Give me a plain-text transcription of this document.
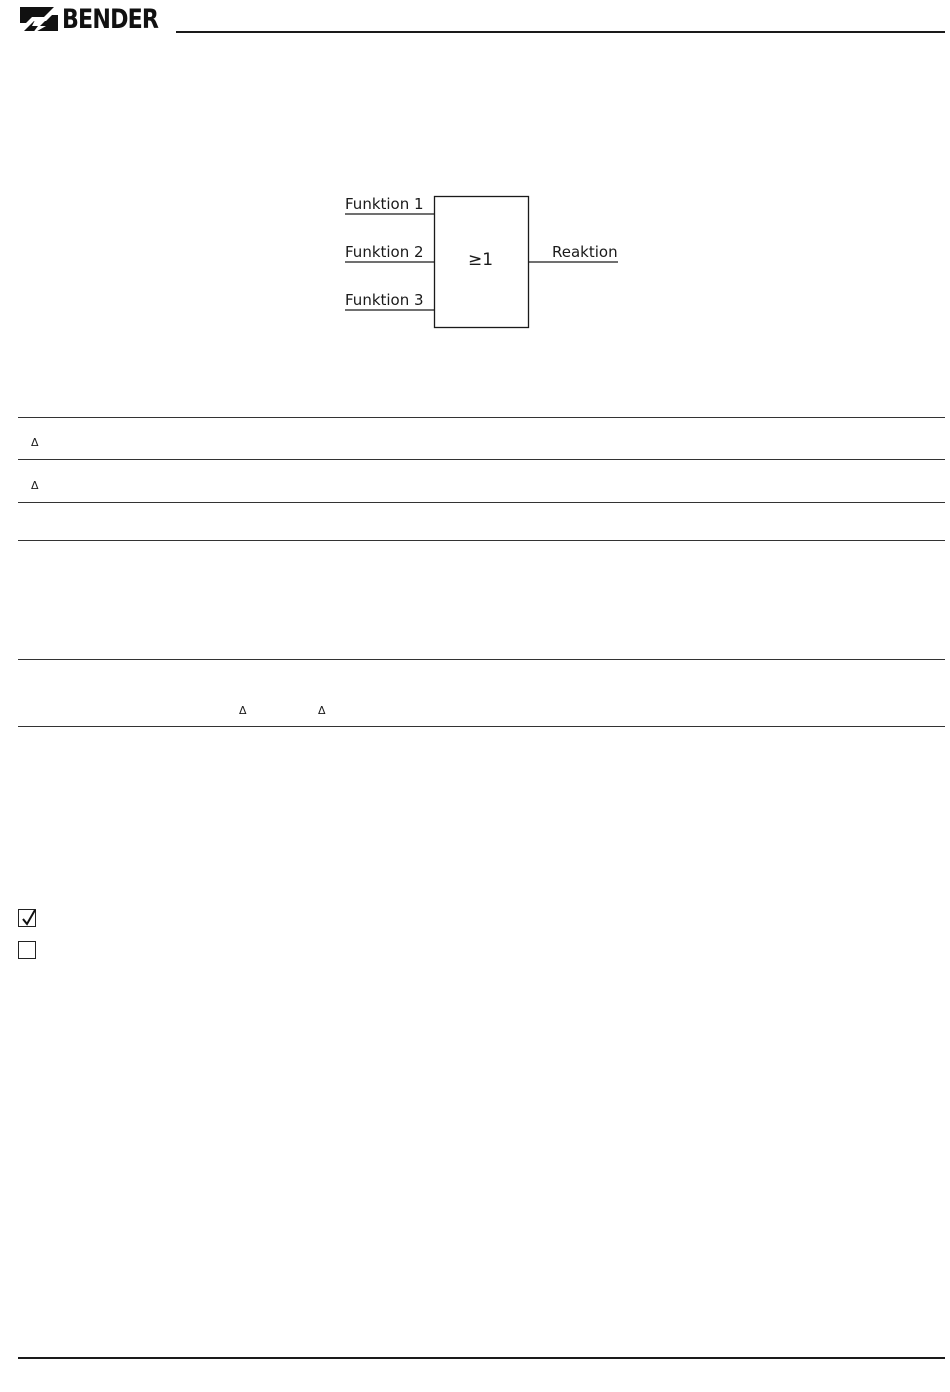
BENDER
Funktion 1
Funktion 2
Funktion 3
≥1	Reaktion
Δ
Δ
Δ	Δ
